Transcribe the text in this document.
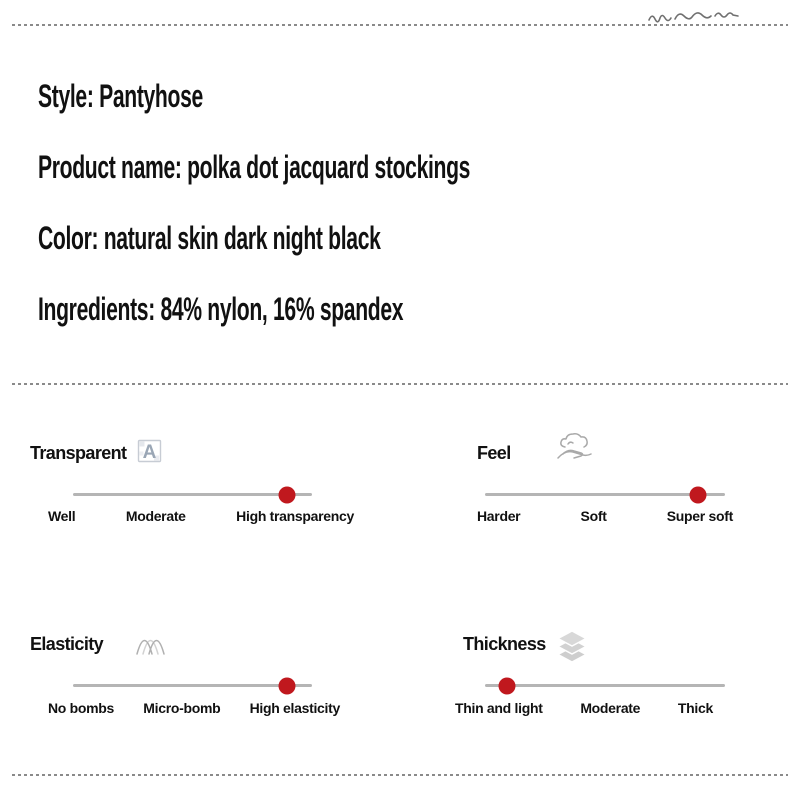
Style: Pantyhose
Product name: polka dot jacquard stockings
Color: natural skin dark night black
Ingredients: 84% nylon, 16% spandex
Transparent A
Well	Moderate	High transparency
Feel
Harder	Soft	Super soft
Elasticity
No bombs Micro-bomb High elasticity
Thickness
Thin and light	Moderate	Thick
